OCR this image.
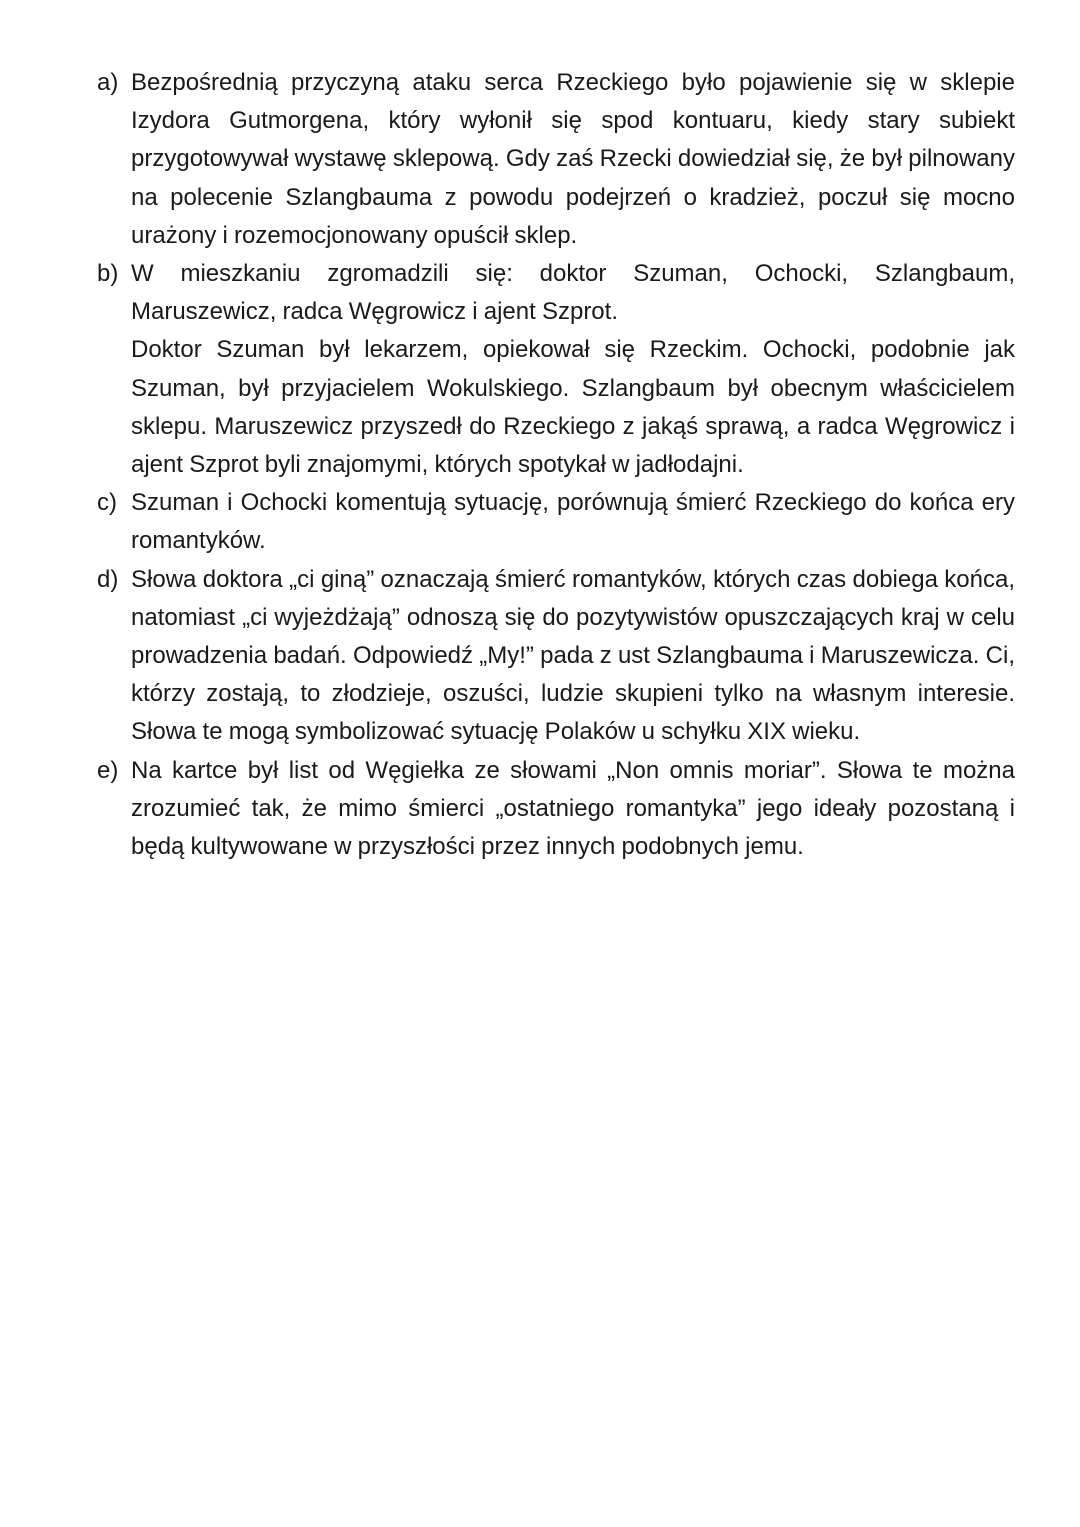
a) Bezpośrednią przyczyną ataku serca Rzeckiego było pojawienie się w sklepie Izydora Gutmorgena, który wyłonił się spod kontuaru, kiedy stary subiekt przygotowywał wystawę sklepową. Gdy zaś Rzecki dowiedział się, że był pilnowany na polecenie Szlangbauma z powodu podejrzeń o kradzież, poczuł się mocno urażony i rozemocjonowany opuścił sklep.

b) W mieszkaniu zgromadzili się: doktor Szuman, Ochocki, Szlangbaum, Maruszewicz, radca Węgrowicz i ajent Szprot.

Doktor Szuman był lekarzem, opiekował się Rzeckim. Ochocki, podobnie jak Szuman, był przyjacielem Wokulskiego. Szlangbaum był obecnym właścicielem sklepu. Maruszewicz przyszedł do Rzeckiego z jakąś sprawą, a radca Węgrowicz i ajent Szprot byli znajomymi, których spotykał w jadłodajni.

c) Szuman i Ochocki komentują sytuację, porównują śmierć Rzeckiego do końca ery romantyków.

d) Słowa doktora „ci giną” oznaczają śmierć romantyków, których czas dobiega końca, natomiast „ci wyjeżdżają” odnoszą się do pozytywistów opuszczających kraj w celu prowadzenia badań. Odpowiedź „My!” pada z ust Szlangbauma i Maruszewicza. Ci, którzy zostają, to złodzieje, oszuści, ludzie skupieni tylko na własnym interesie. Słowa te mogą symbolizować sytuację Polaków u schyłku XIX wieku.

e) Na kartce był list od Węgiełka ze słowami „Non omnis moriar”. Słowa te można zrozumieć tak, że mimo śmierci „ostatniego romantyka” jego ideały pozostaną i będą kultywowane w przyszłości przez innych podobnych jemu.
